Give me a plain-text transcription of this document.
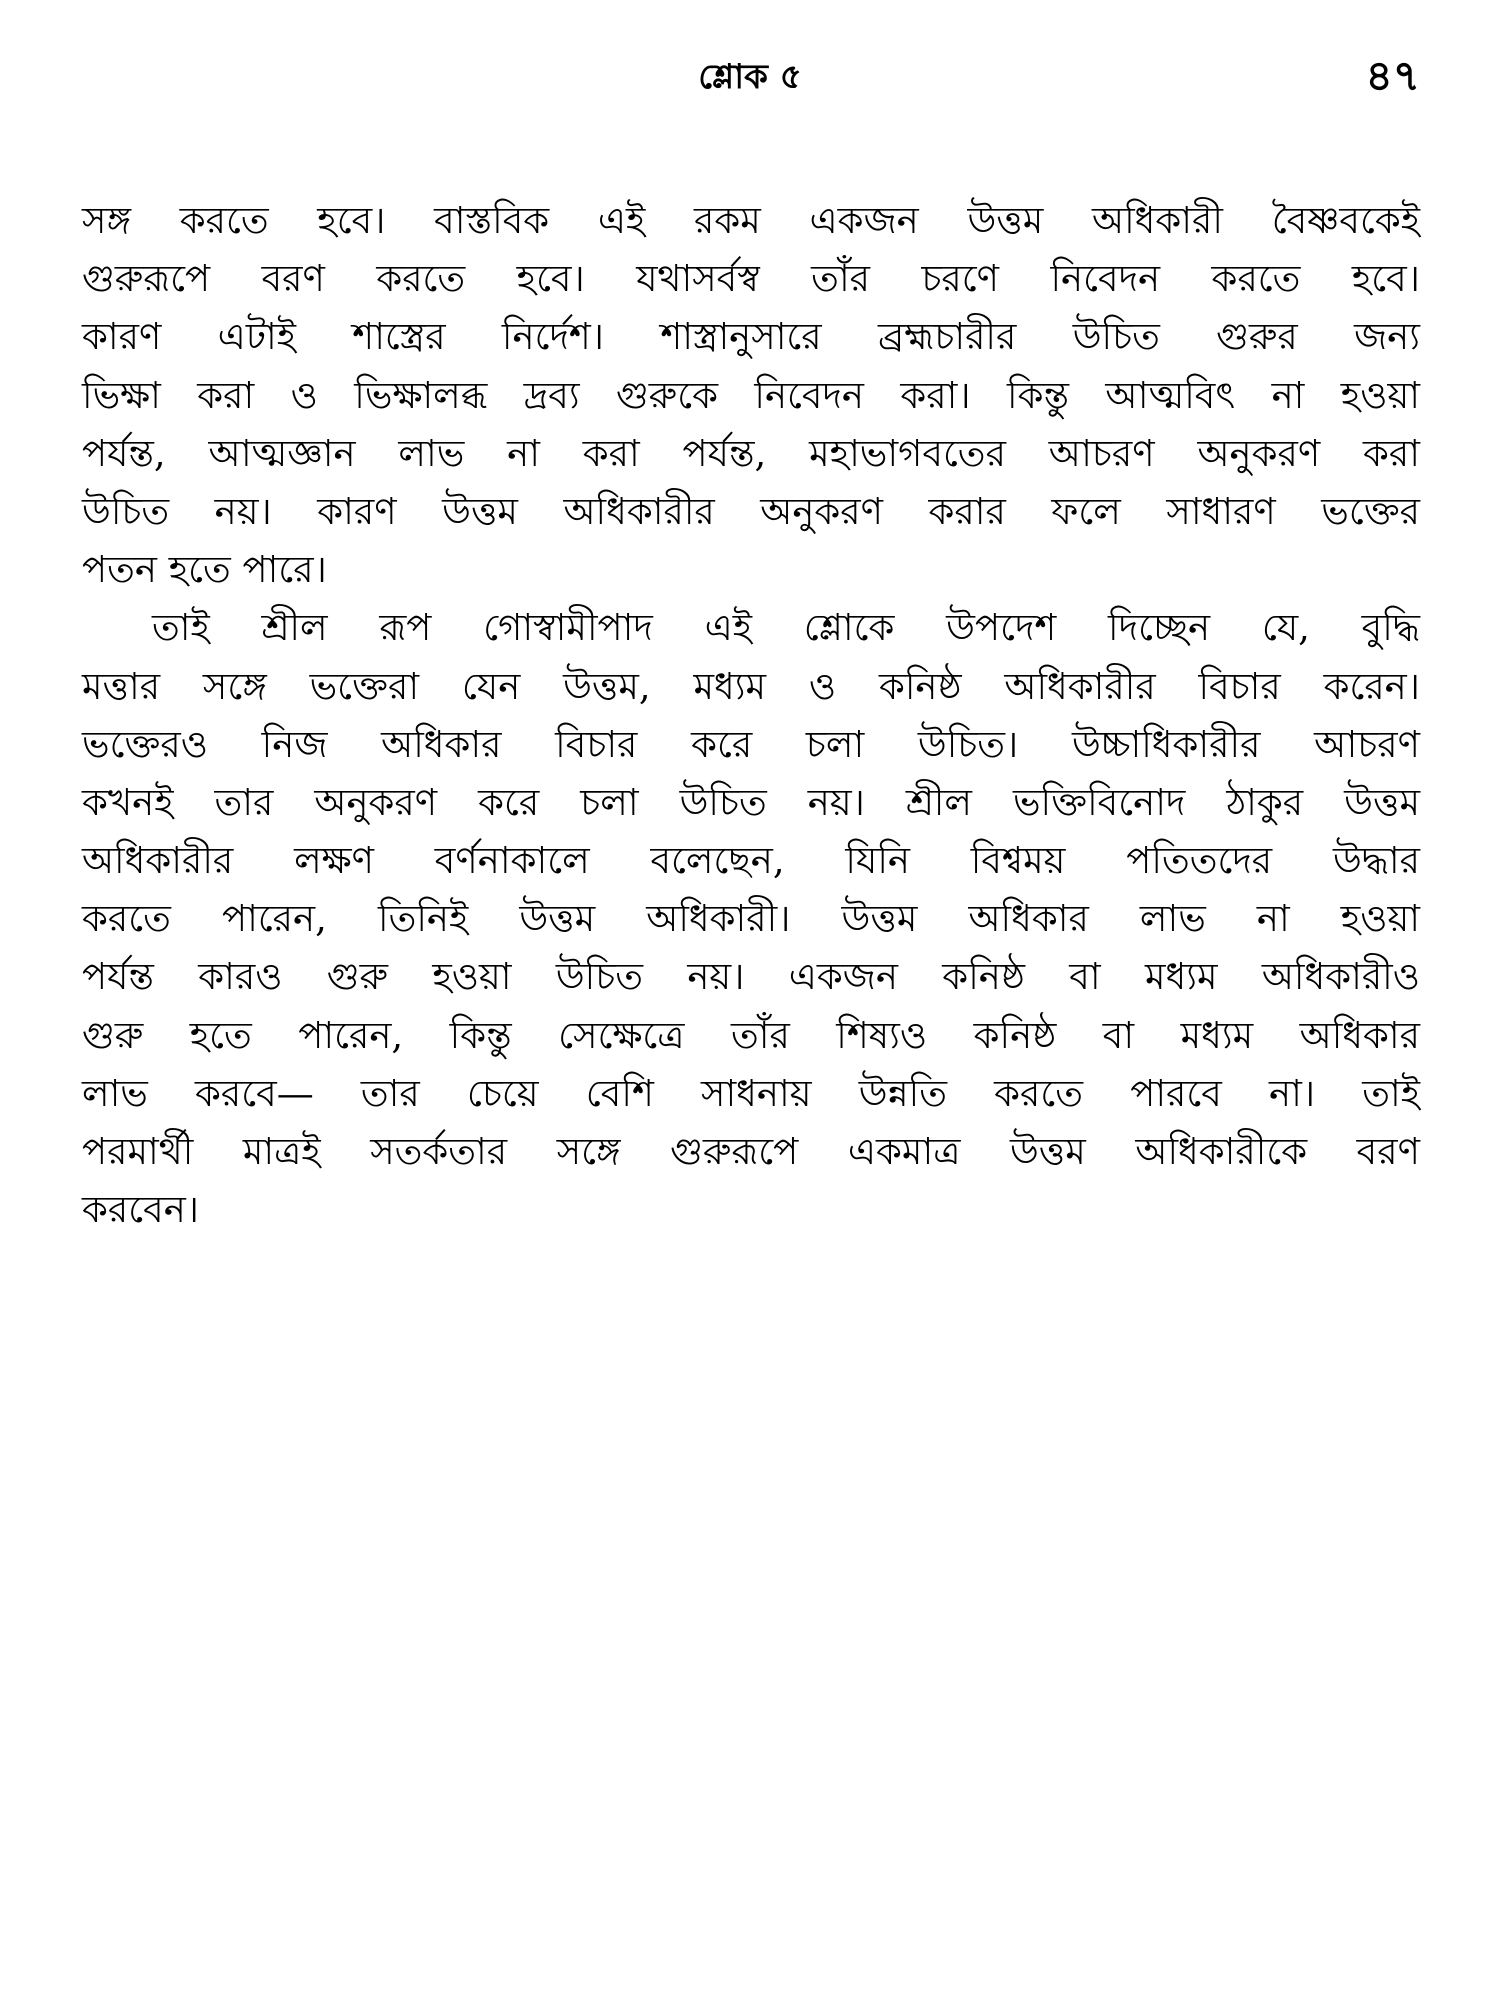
শ্লোক ৫	৪৭
সঙ্গ করতে হবে। বাস্তবিক এই রকম একজন উত্তম অধিকারী বৈষ্ণবকেই
গুরুরূপে বরণ করতে হবে। যথাসর্বস্ব তাঁর চরণে নিবেদন করতে হবে।
কারণ এটাই শাস্ত্রের নির্দেশ। শাস্ত্রানুসারে ব্রহ্মচারীর উচিত গুরুর জন্য
ভিক্ষা করা ও ভিক্ষালব্ধ দ্রব্য গুরুকে নিবেদন করা। কিন্তু আত্মবিৎ না হওয়া
পর্যন্ত, আত্মজ্ঞান লাভ না করা পর্যন্ত, মহাভাগবতের আচরণ অনুকরণ করা
উচিত নয়। কারণ উত্তম অধিকারীর অনুকরণ করার ফলে সাধারণ ভক্তের
পতন হতে পারে।
তাই শ্রীল রূপ গোস্বামীপাদ এই শ্লোকে উপদেশ দিচ্ছেন যে, বুদ্ধি
মত্তার সঙ্গে ভক্তেরা যেন উত্তম, মধ্যম ও কনিষ্ঠ অধিকারীর বিচার করেন।
ভক্তেরও নিজ অধিকার বিচার করে চলা উচিত। উচ্চাধিকারীর আচরণ
কখনই তার অনুকরণ করে চলা উচিত নয়। শ্রীল ভক্তিবিনোদ ঠাকুর উত্তম
অধিকারীর লক্ষণ বর্ণনাকালে বলেছেন, যিনি বিশ্বময় পতিতদের উদ্ধার
করতে পারেন, তিনিই উত্তম অধিকারী। উত্তম অধিকার লাভ না হওয়া
পর্যন্ত কারও গুরু হওয়া উচিত নয়। একজন কনিষ্ঠ বা মধ্যম অধিকারীও
গুরু হতে পারেন, কিন্তু সেক্ষেত্রে তাঁর শিষ্যও কনিষ্ঠ বা মধ্যম অধিকার
লাভ করবে— তার চেয়ে বেশি সাধনায় উন্নতি করতে পারবে না। তাই
পরমার্থী মাত্রই সতর্কতার সঙ্গে গুরুরূপে একমাত্র উত্তম অধিকারীকে বরণ
করবেন।
